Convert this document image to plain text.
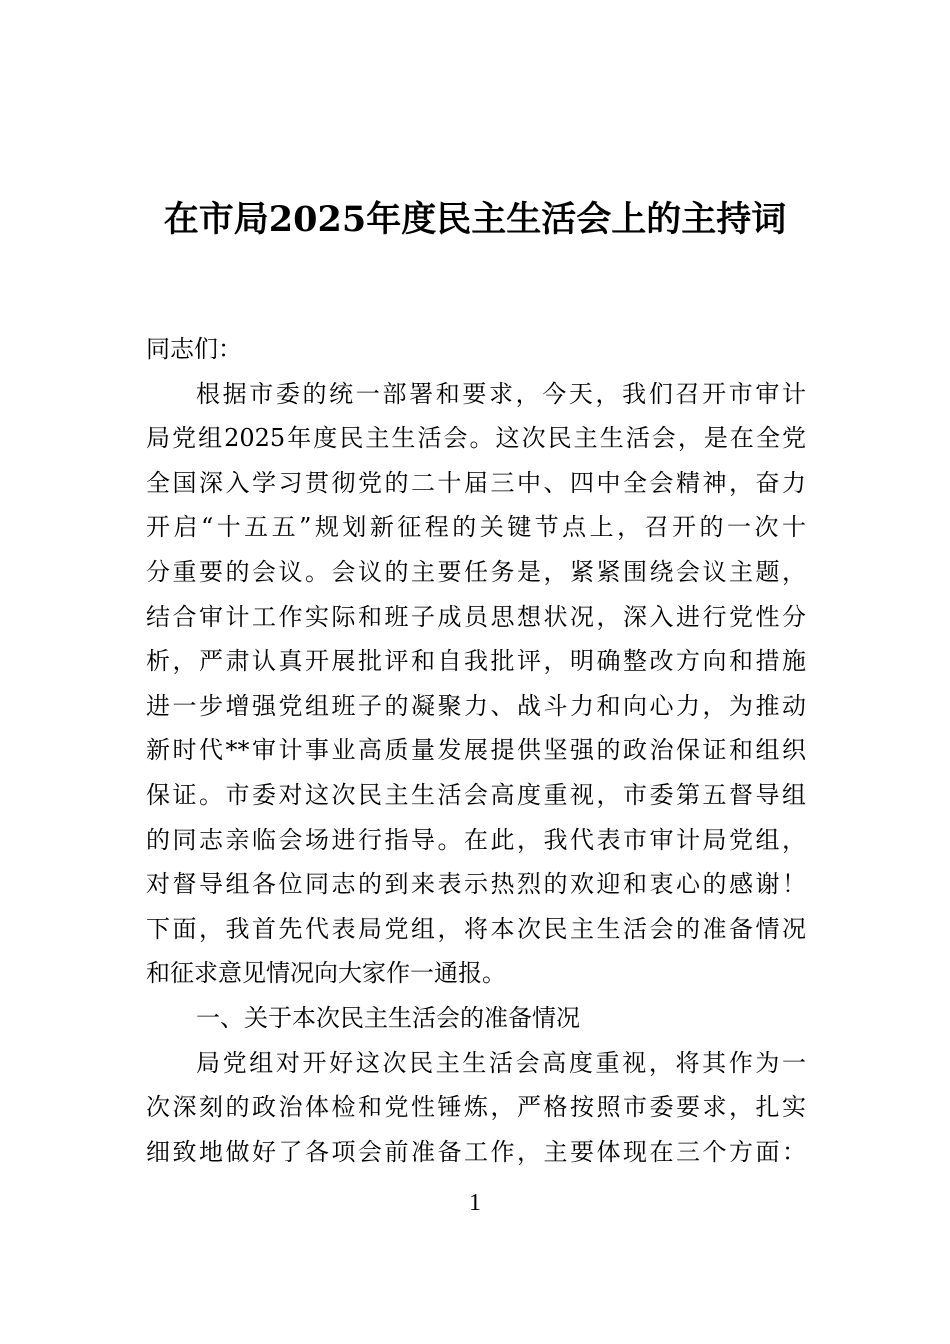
在市局2025年度民主生活会上的主持词
同志们：
根据市委的统一部署和要求，今天，我们召开市审计
局党组2025年度民主生活会。这次民主生活会，是在全党
全国深入学习贯彻党的二十届三中、四中全会精神，奋力
开启“十五五”规划新征程的关键节点上，召开的一次十
分重要的会议。会议的主要任务是，紧紧围绕会议主题，
结合审计工作实际和班子成员思想状况，深入进行党性分
析，严肃认真开展批评和自我批评，明确整改方向和措施
进一步增强党组班子的凝聚力、战斗力和向心力，为推动
新时代**审计事业高质量发展提供坚强的政治保证和组织
保证。市委对这次民主生活会高度重视，市委第五督导组
的同志亲临会场进行指导。在此，我代表市审计局党组，
对督导组各位同志的到来表示热烈的欢迎和衷心的感谢！
下面，我首先代表局党组，将本次民主生活会的准备情况
和征求意见情况向大家作一通报。
一、关于本次民主生活会的准备情况
局党组对开好这次民主生活会高度重视，将其作为一
次深刻的政治体检和党性锤炼，严格按照市委要求，扎实
细致地做好了各项会前准备工作，主要体现在三个方面：
1
